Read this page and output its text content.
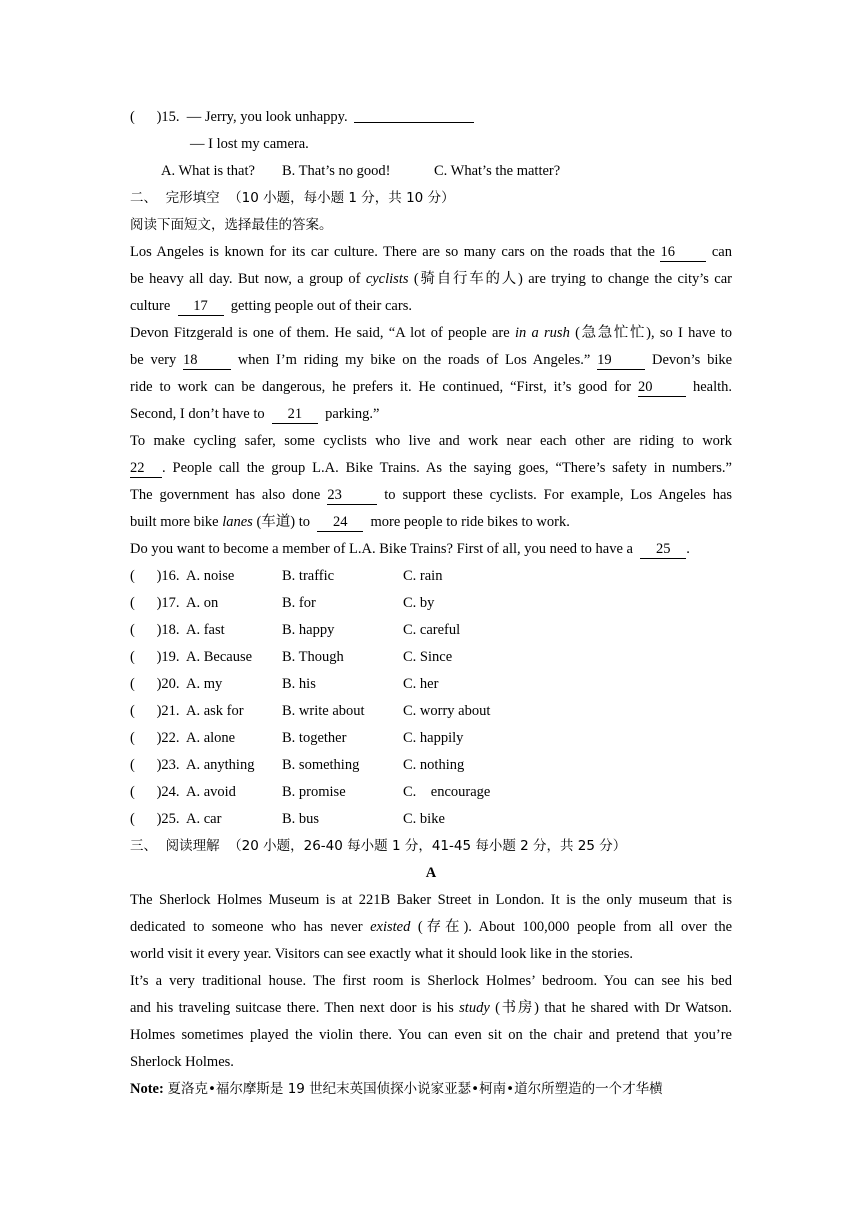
(      )15.  — Jerry, you look unhappy.
— I lost my camera.
A. What is that? B. That’s no good!	C. What’s the matter?
二、  完形填空  （10 小题，每小题 1 分，共 10 分）
阅读下面短文，选择最佳的答案。
Los Angeles is known for its car culture. There are so many cars on the roads that the 16	can
be heavy all day. But now, a group of cyclists (骑自行车的人) are trying to change the city’s car
culture 17 getting people out of their cars.
Devon Fitzgerald is one of them. He said, “A lot of people are in a rush (急急忙忙), so I have to
be very 18	when I’m riding my bike on the roads of Los Angeles.” 19	Devon’s bike
ride to work can be dangerous, he prefers it. He continued, “First, it’s good for 20	health.
Second, I don’t have to 21 parking.”
To make cycling safer, some cyclists who live and work near each other are riding to work
22 . People call the group L.A. Bike Trains. As the saying goes, “There’s safety in numbers.”
The government has also done 23	to support these cyclists. For example, Los Angeles has
built more bike lanes (车道) to 24 more people to ride bikes to work.
Do you want to become a member of L.A. Bike Trains? First of all, you need to have a 25 .
(      )16. A. noise	B. traffic	C. rain
(      )17. A. on	B. for	C. by
(      )18. A. fast	B. happy	C. careful
(      )19. A. Because	B. Though	C. Since
(      )20. A. my	B. his	C. her
(      )21. A. ask for	B. write about	C. worry about
(      )22. A. alone	B. together	C. happily
(      )23. A. anything	B. something	C. nothing
(      )24. A. avoid	B. promise	C.    encourage
(      )25. A. car	B. bus	C. bike
三、  阅读理解  （20 小题，26-40 每小题 1 分，41-45 每小题 2 分，共 25 分）
A
The Sherlock Holmes Museum is at 221B Baker Street in London. It is the only museum that is
dedicated to someone who has never existed (存在). About 100,000 people from all over the
world visit it every year. Visitors can see exactly what it should look like in the stories.
It’s a very traditional house. The first room is Sherlock Holmes’ bedroom. You can see his bed
and his traveling suitcase there. Then next door is his study (书房) that he shared with Dr Watson.
Holmes sometimes played the violin there. You can even sit on the chair and pretend that you’re
Sherlock Holmes.
Note: 夏洛克•福尔摩斯是 19 世纪末英国侦探小说家亚瑟•柯南•道尔所塑造的一个才华横
